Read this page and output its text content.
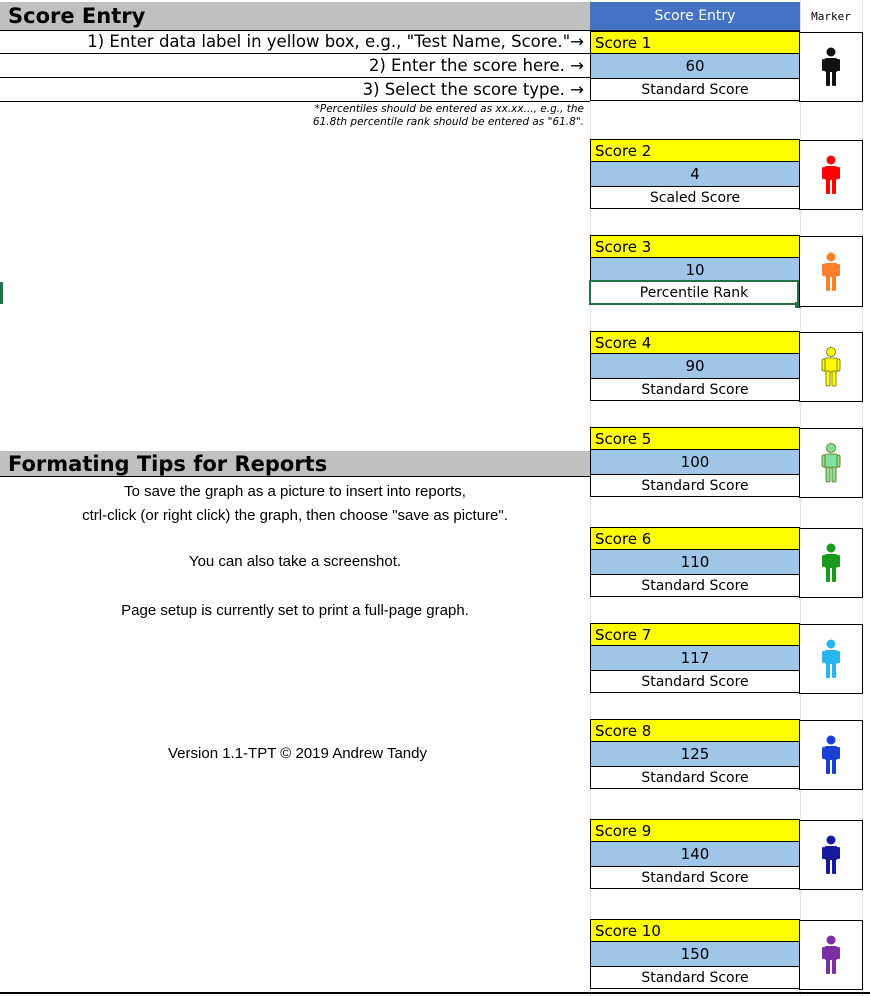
Score Entry	Score Entry	Marker
1) Enter data label in yellow box, e.g., "Test Name, Score."→
2) Enter the score here. →
3) Select the score type. →
*Percentiles should be entered as xx.xx..., e.g., the
61.8th percentile rank should be entered as "61.8".
Formating Tips for Reports
To save the graph as a picture to insert into reports,
ctrl-click (or right click) the graph, then choose "save as picture".
You can also take a screenshot.
Page setup is currently set to print a full-page graph.
Version 1.1-TPT © 2019 Andrew Tandy
Score 1
60
Standard Score
Score 2
4
Scaled Score
Score 3
10
Percentile Rank
Score 4
90
Standard Score
Score 5
100
Standard Score
Score 6
110
Standard Score
Score 7
117
Standard Score
Score 8
125
Standard Score
Score 9
140
Standard Score
Score 10
150
Standard Score
